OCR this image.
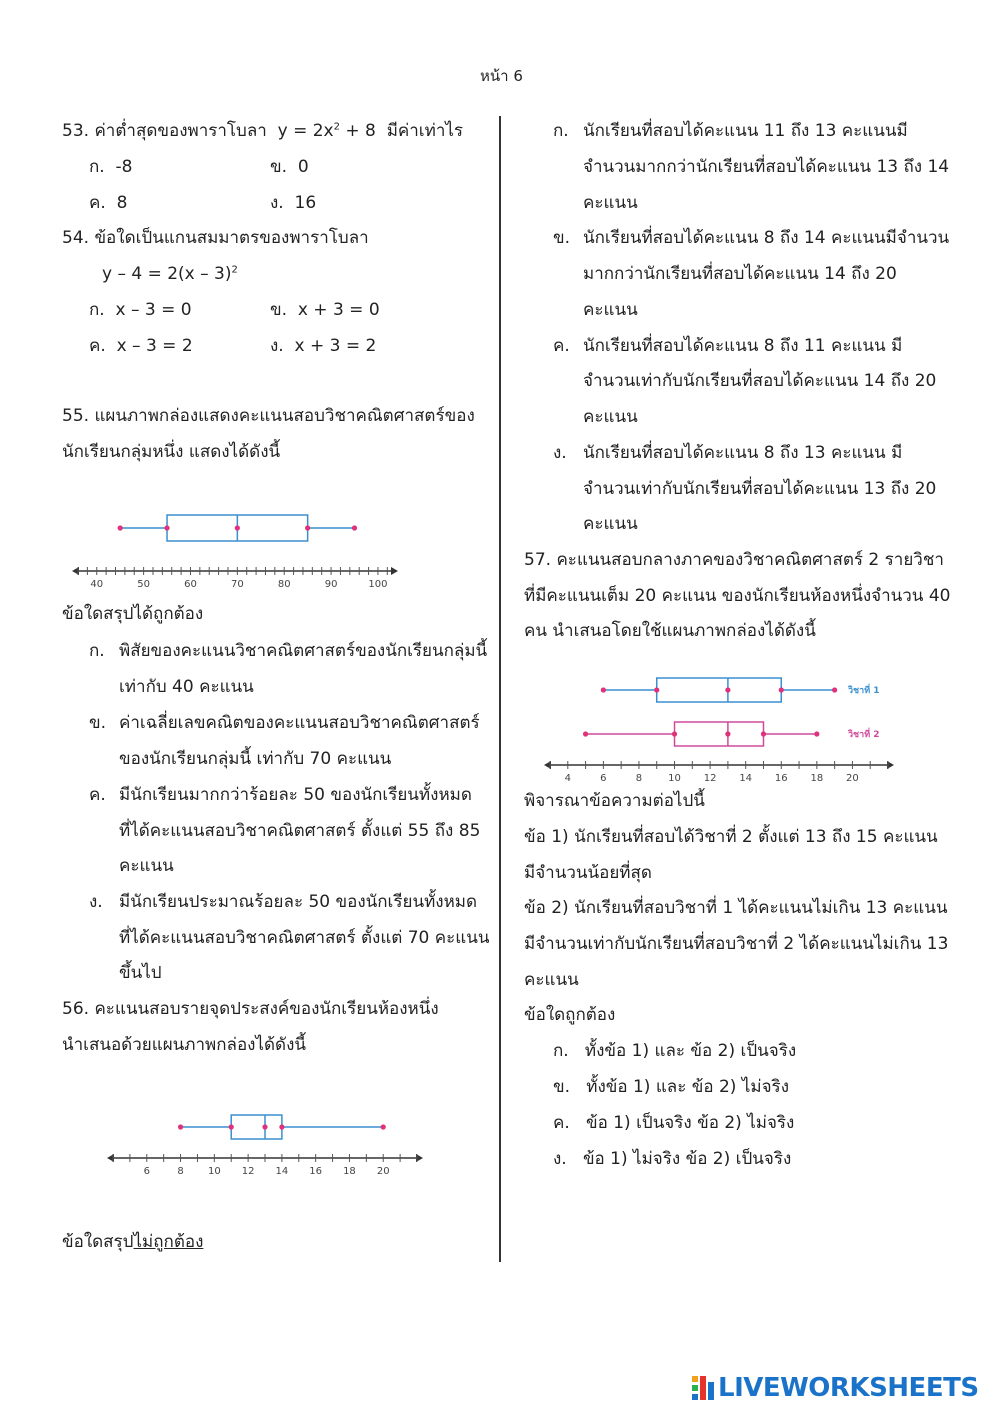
หน้า 6
53. ค่าต่ำสุดของพาราโบลา $y = 2x^2 + 8$ มีค่าเท่าไร
ก. -8	ข. 0
ค. 8	ง. 16
54. ข้อใดเป็นแกนสมมาตรของพาราโบลา
y – 4 = 2(x – 3)$^2$
ก. x – 3 = 0	ข. x + 3 = 0
ค. x – 3 = 2	ง. x + 3 = 2
55. แผนภาพกล่องแสดงคะแนนสอบวิชาคณิตศาสตร์ของ
นักเรียนกลุ่มหนึ่ง แสดงได้ดังนี้
40	50	60	70	80	90	100
ข้อใดสรุปได้ถูกต้อง
ก. พิสัยของคะแนนวิชาคณิตศาสตร์ของนักเรียนกลุ่มนี้
เท่ากับ 40 คะแนน
ข. ค่าเฉลี่ยเลขคณิตของคะแนนสอบวิชาคณิตศาสตร์
ของนักเรียนกลุ่มนี้ เท่ากับ 70 คะแนน
ค. มีนักเรียนมากกว่าร้อยละ 50 ของนักเรียนทั้งหมด
ที่ได้คะแนนสอบวิชาคณิตศาสตร์ ตั้งแต่ 55 ถึง 85
คะแนน
ง. มีนักเรียนประมาณร้อยละ 50 ของนักเรียนทั้งหมด
ที่ได้คะแนนสอบวิชาคณิตศาสตร์ ตั้งแต่ 70 คะแนน
ขึ้นไป
56. คะแนนสอบรายจุดประสงค์ของนักเรียนห้องหนึ่ง
นำเสนอด้วยแผนภาพกล่องได้ดังนี้
6	8 10 12 14 16 18 20
ข้อใดสรุปไม่ถูกต้อง
ก. นักเรียนที่สอบได้คะแนน 11 ถึง 13 คะแนนมี
จำนวนมากกว่านักเรียนที่สอบได้คะแนน 13 ถึง 14
คะแนน
ข. นักเรียนที่สอบได้คะแนน 8 ถึง 14 คะแนนมีจำนวน
มากกว่านักเรียนที่สอบได้คะแนน 14 ถึง 20
คะแนน
ค. นักเรียนที่สอบได้คะแนน 8 ถึง 11 คะแนน มี
จำนวนเท่ากับนักเรียนที่สอบได้คะแนน 14 ถึง 20
คะแนน
ง. นักเรียนที่สอบได้คะแนน 8 ถึง 13 คะแนน มี
จำนวนเท่ากับนักเรียนที่สอบได้คะแนน 13 ถึง 20
คะแนน
57. คะแนนสอบกลางภาคของวิชาคณิตศาสตร์ 2 รายวิชา
ที่มีคะแนนเต็ม 20 คะแนน ของนักเรียนห้องหนึ่งจำนวน 40
คน นำเสนอโดยใช้แผนภาพกล่องได้ดังนี้
4	6	8	10 12 14 16 18 20
วิชาที่ 1
วิชาที่ 2
พิจารณาข้อความต่อไปนี้
ข้อ 1) นักเรียนที่สอบได้วิชาที่ 2 ตั้งแต่ 13 ถึง 15 คะแนน
มีจำนวนน้อยที่สุด
ข้อ 2) นักเรียนที่สอบวิชาที่ 1 ได้คะแนนไม่เกิน 13 คะแนน
มีจำนวนเท่ากับนักเรียนที่สอบวิชาที่ 2 ได้คะแนนไม่เกิน 13
คะแนน
ข้อใดถูกต้อง
ก. ทั้งข้อ 1) และ ข้อ 2) เป็นจริง
ข. ทั้งข้อ 1) และ ข้อ 2) ไม่จริง
ค. ข้อ 1) เป็นจริง ข้อ 2) ไม่จริง
ง. ข้อ 1) ไม่จริง ข้อ 2) เป็นจริง
LIVEWORKSHEETS
